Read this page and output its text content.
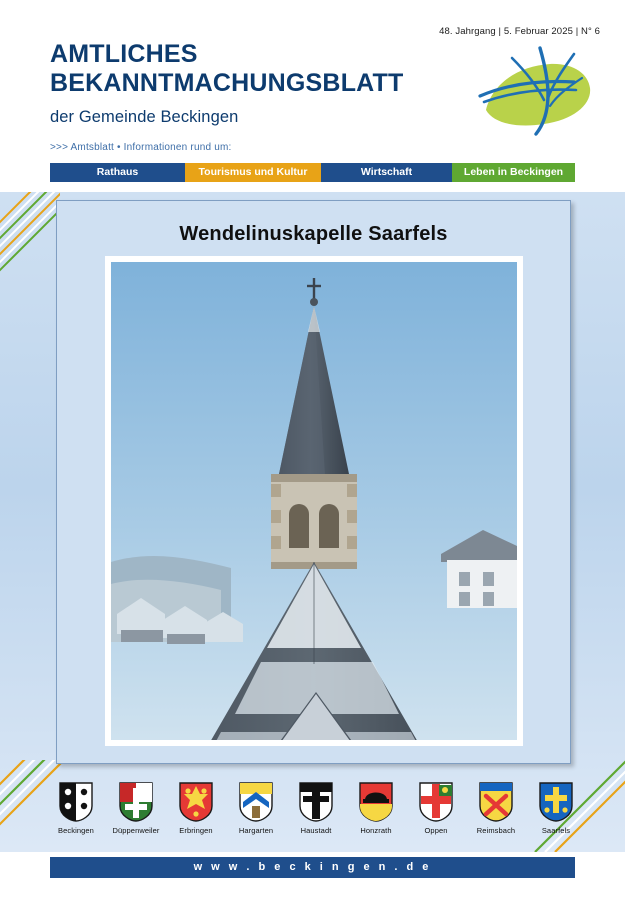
48. Jahrgang | 5. Februar 2025 | N° 6
AMTLICHES
BEKANNTMACHUNGSBLATT
der Gemeinde Beckingen
>>> Amtsblatt • Informationen rund um:
Rathaus	Tourismus und Kultur	Wirtschaft	Leben in Beckingen
Wendelinuskapelle Saarfels
Beckingen	Düppenweiler	Erbringen	Hargarten	Haustadt	Honzrath	Oppen	Reimsbach	Saarfels
w w w . b e c k i n g e n . d e
